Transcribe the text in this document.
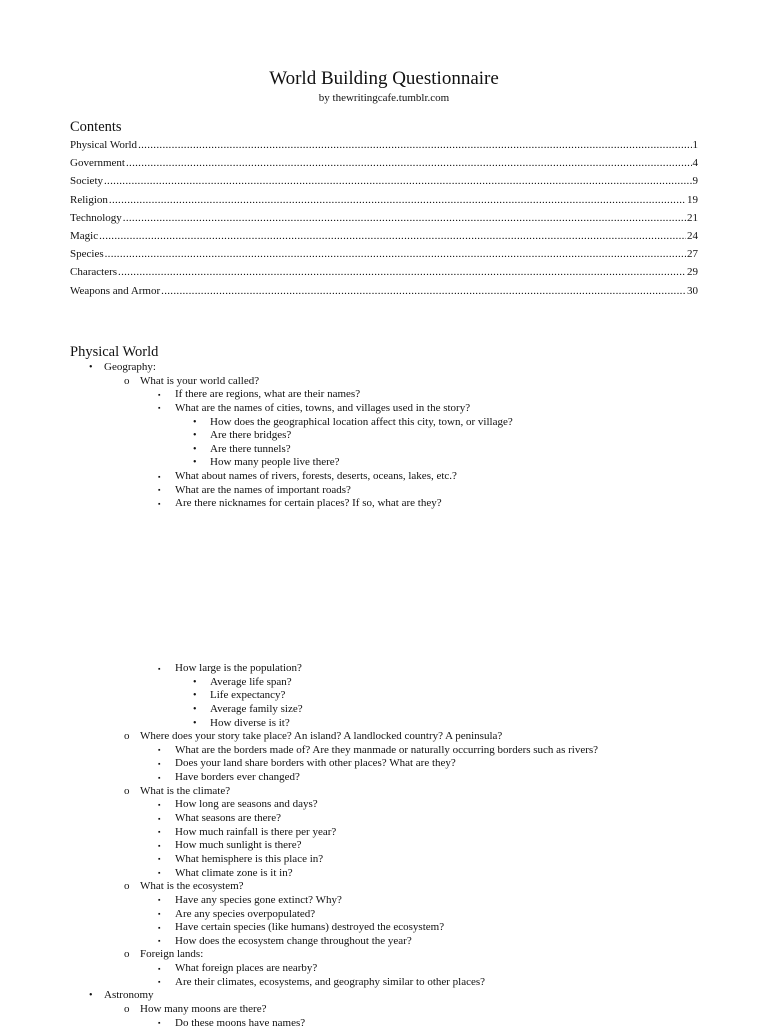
World Building Questionnaire
by thewritingcafe.tumblr.com
Contents
Physical World .....	1
Government .....	4
Society .....	9
Religion .....	19
Technology .....	21
Magic .....	24
Species .....	27
Characters .....	29
Weapons and Armor .....	30
Physical World
•	Geography:
o What is your world called?
▪	If there are regions, what are their names?
▪	What are the names of cities, towns, and villages used in the story?
•	How does the geographical location affect this city, town, or village?
•	Are there bridges?
•	Are there tunnels?
•	How many people live there?
▪	What about names of rivers, forests, deserts, oceans, lakes, etc.?
▪	What are the names of important roads?
▪	Are there nicknames for certain places? If so, what are they?
▪	How large is the population?
•	Average life span?
•	Life expectancy?
•	Average family size?
•	How diverse is it?
o Where does your story take place? An island? A landlocked country? A peninsula?
▪	What are the borders made of? Are they manmade or naturally occurring borders such as rivers?
▪	Does your land share borders with other places? What are they?
▪	Have borders ever changed?
o What is the climate?
▪	How long are seasons and days?
▪	What seasons are there?
▪	How much rainfall is there per year?
▪	How much sunlight is there?
▪	What hemisphere is this place in?
▪	What climate zone is it in?
o What is the ecosystem?
▪	Have any species gone extinct? Why?
▪	Are any species overpopulated?
▪	Have certain species (like humans) destroyed the ecosystem?
▪	How does the ecosystem change throughout the year?
o Foreign lands:
▪	What foreign places are nearby?
▪	Are their climates, ecosystems, and geography similar to other places?
•	Astronomy
o How many moons are there?
▪	Do these moons have names?
